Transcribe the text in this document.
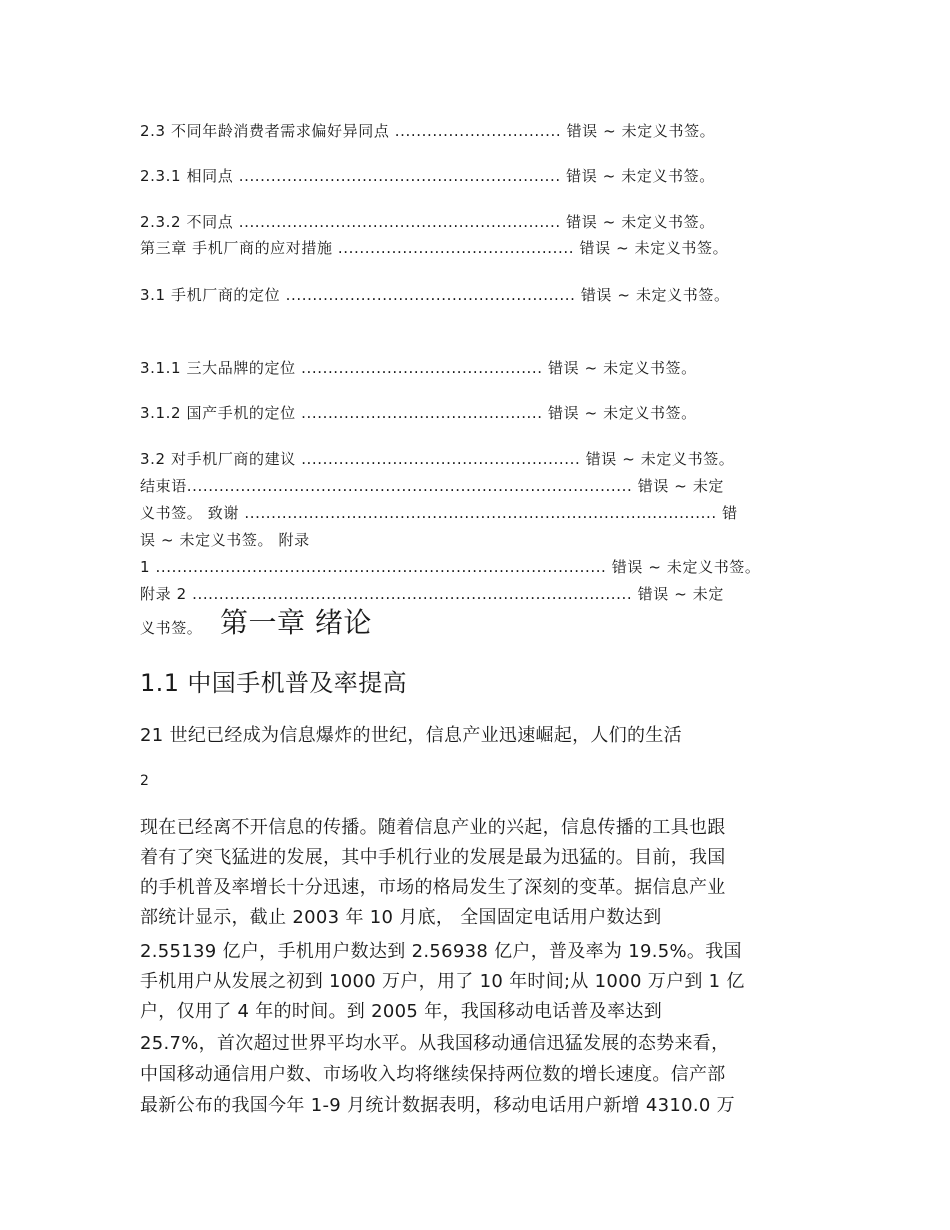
2.3 不同年龄消费者需求偏好异同点 ............................... 错误 ~ 未定义书签。
2.3.1 相同点 ............................................................ 错误 ~ 未定义书签。
2.3.2 不同点 ............................................................ 错误 ~ 未定义书签。
第三章 手机厂商的应对措施 ............................................ 错误 ~ 未定义书签。
3.1 手机厂商的定位 ...................................................... 错误 ~ 未定义书签。
3.1.1 三大品牌的定位 ............................................. 错误 ~ 未定义书签。
3.1.2 国产手机的定位 ............................................. 错误 ~ 未定义书签。
3.2 对手机厂商的建议 .................................................... 错误 ~ 未定义书签。
结束语................................................................................... 错误 ~ 未定
义书签。 致谢 ........................................................................................ 错
误 ~ 未定义书签。 附录
1 .................................................................................... 错误 ~ 未定义书签。
附录 2 .................................................................................. 错误 ~ 未定
义书签。 第一章 绪论
1.1 中国手机普及率提高
21 世纪已经成为信息爆炸的世纪，信息产业迅速崛起，人们的生活
2
现在已经离不开信息的传播。随着信息产业的兴起，信息传播的工具也跟
着有了突飞猛进的发展，其中手机行业的发展是最为迅猛的。目前，我国
的手机普及率增长十分迅速，市场的格局发生了深刻的变革。据信息产业
部统计显示，截止 2003 年 10 月底， 全国固定电话用户数达到
2.55139 亿户，手机用户数达到 2.56938 亿户，普及率为 19.5%。我国
手机用户从发展之初到 1000 万户，用了 10 年时间;从 1000 万户到 1 亿
户，仅用了 4 年的时间。到 2005 年，我国移动电话普及率达到
25.7%，首次超过世界平均水平。从我国移动通信迅猛发展的态势来看，
中国移动通信用户数、市场收入均将继续保持两位数的增长速度。信产部
最新公布的我国今年 1-9 月统计数据表明，移动电话用户新增 4310.0 万
